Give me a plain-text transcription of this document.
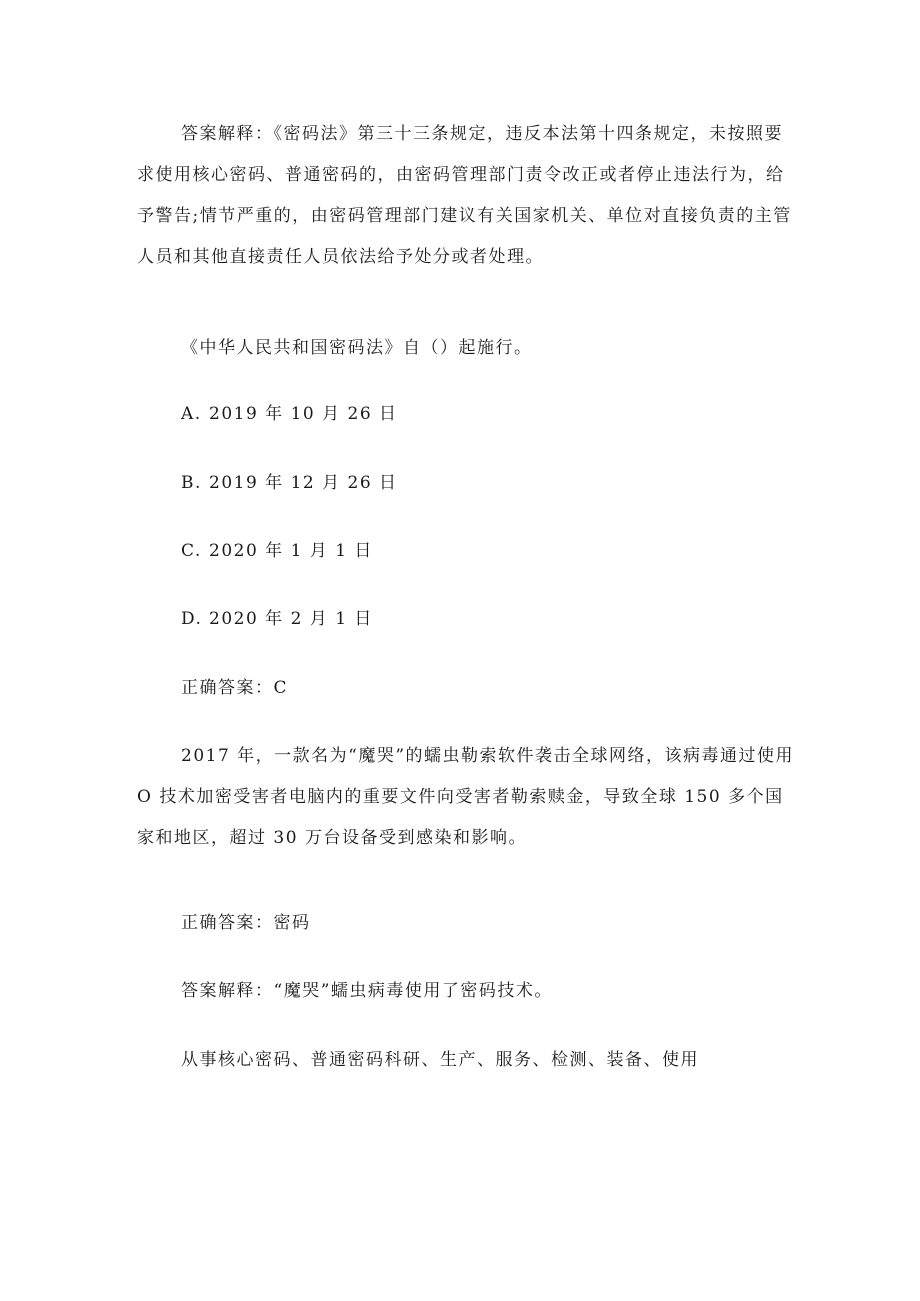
答案解释：《密码法》第三十三条规定，违反本法第十四条规定，未按照要求使用核心密码、普通密码的，由密码管理部门责令改正或者停止违法行为，给予警告;情节严重的，由密码管理部门建议有关国家机关、单位对直接负责的主管人员和其他直接责任人员依法给予处分或者处理。

《中华人民共和国密码法》自（）起施行。

A. 2019 年 10 月 26 日

B. 2019 年 12 月 26 日

C. 2020 年 1 月 1 日

D. 2020 年 2 月 1 日

正确答案：C

2017 年，一款名为“魔哭”的蠕虫勒索软件袭击全球网络，该病毒通过使用 O 技术加密受害者电脑内的重要文件向受害者勒索赎金，导致全球 150 多个国家和地区，超过 30 万台设备受到感染和影响。

正确答案：密码

答案解释：“魔哭”蠕虫病毒使用了密码技术。

从事核心密码、普通密码科研、生产、服务、检测、装备、使用
